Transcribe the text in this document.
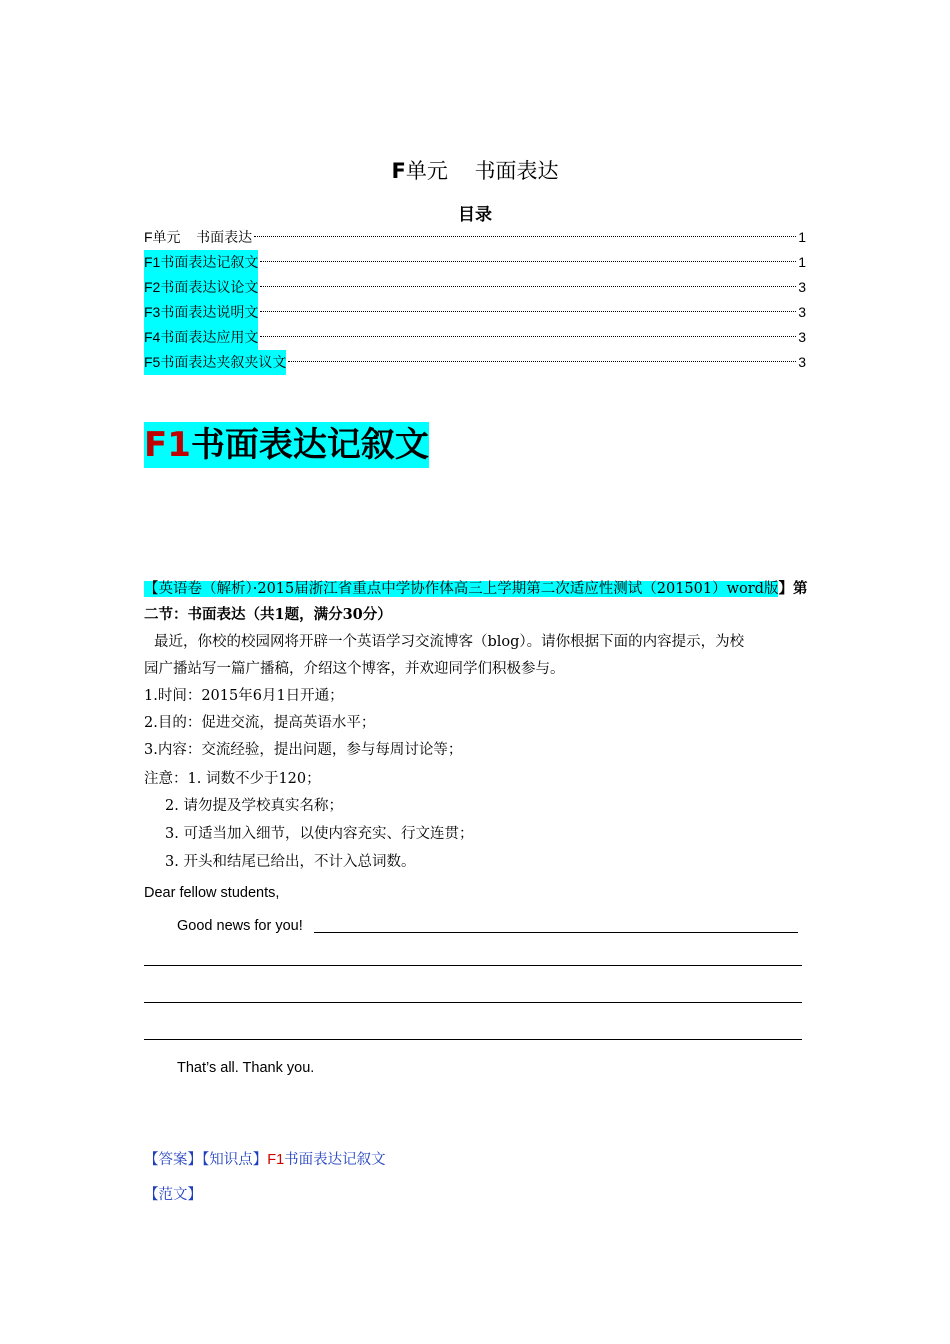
F单元    书面表达
目录
F单元    书面表达	1
F1书面表达记叙文	1
F2书面表达议论文	3
F3书面表达说明文	3
F4书面表达应用文	3
F5书面表达夹叙夹议文	3
F1书面表达记叙文
【英语卷（解析）·2015届浙江省重点中学协作体高三上学期第二次适应性测试（201501）word版】第二节：书面表达（共1题，满分30分）
最近，你校的校园网将开辟一个英语学习交流博客（blog）。请你根据下面的内容提示，为校
园广播站写一篇广播稿，介绍这个博客，并欢迎同学们积极参与。
1.时间：2015年6月1日开通；
2.目的：促进交流，提高英语水平；
3.内容：交流经验，提出问题，参与每周讨论等；
注意：1. 词数不少于120；
2. 请勿提及学校真实名称；
3. 可适当加入细节，以使内容充实、行文连贯；
3. 开头和结尾已给出，不计入总词数。
Dear fellow students,
Good news for you!
That’s all. Thank you.
【答案】【知识点】F1书面表达记叙文
【范文】
